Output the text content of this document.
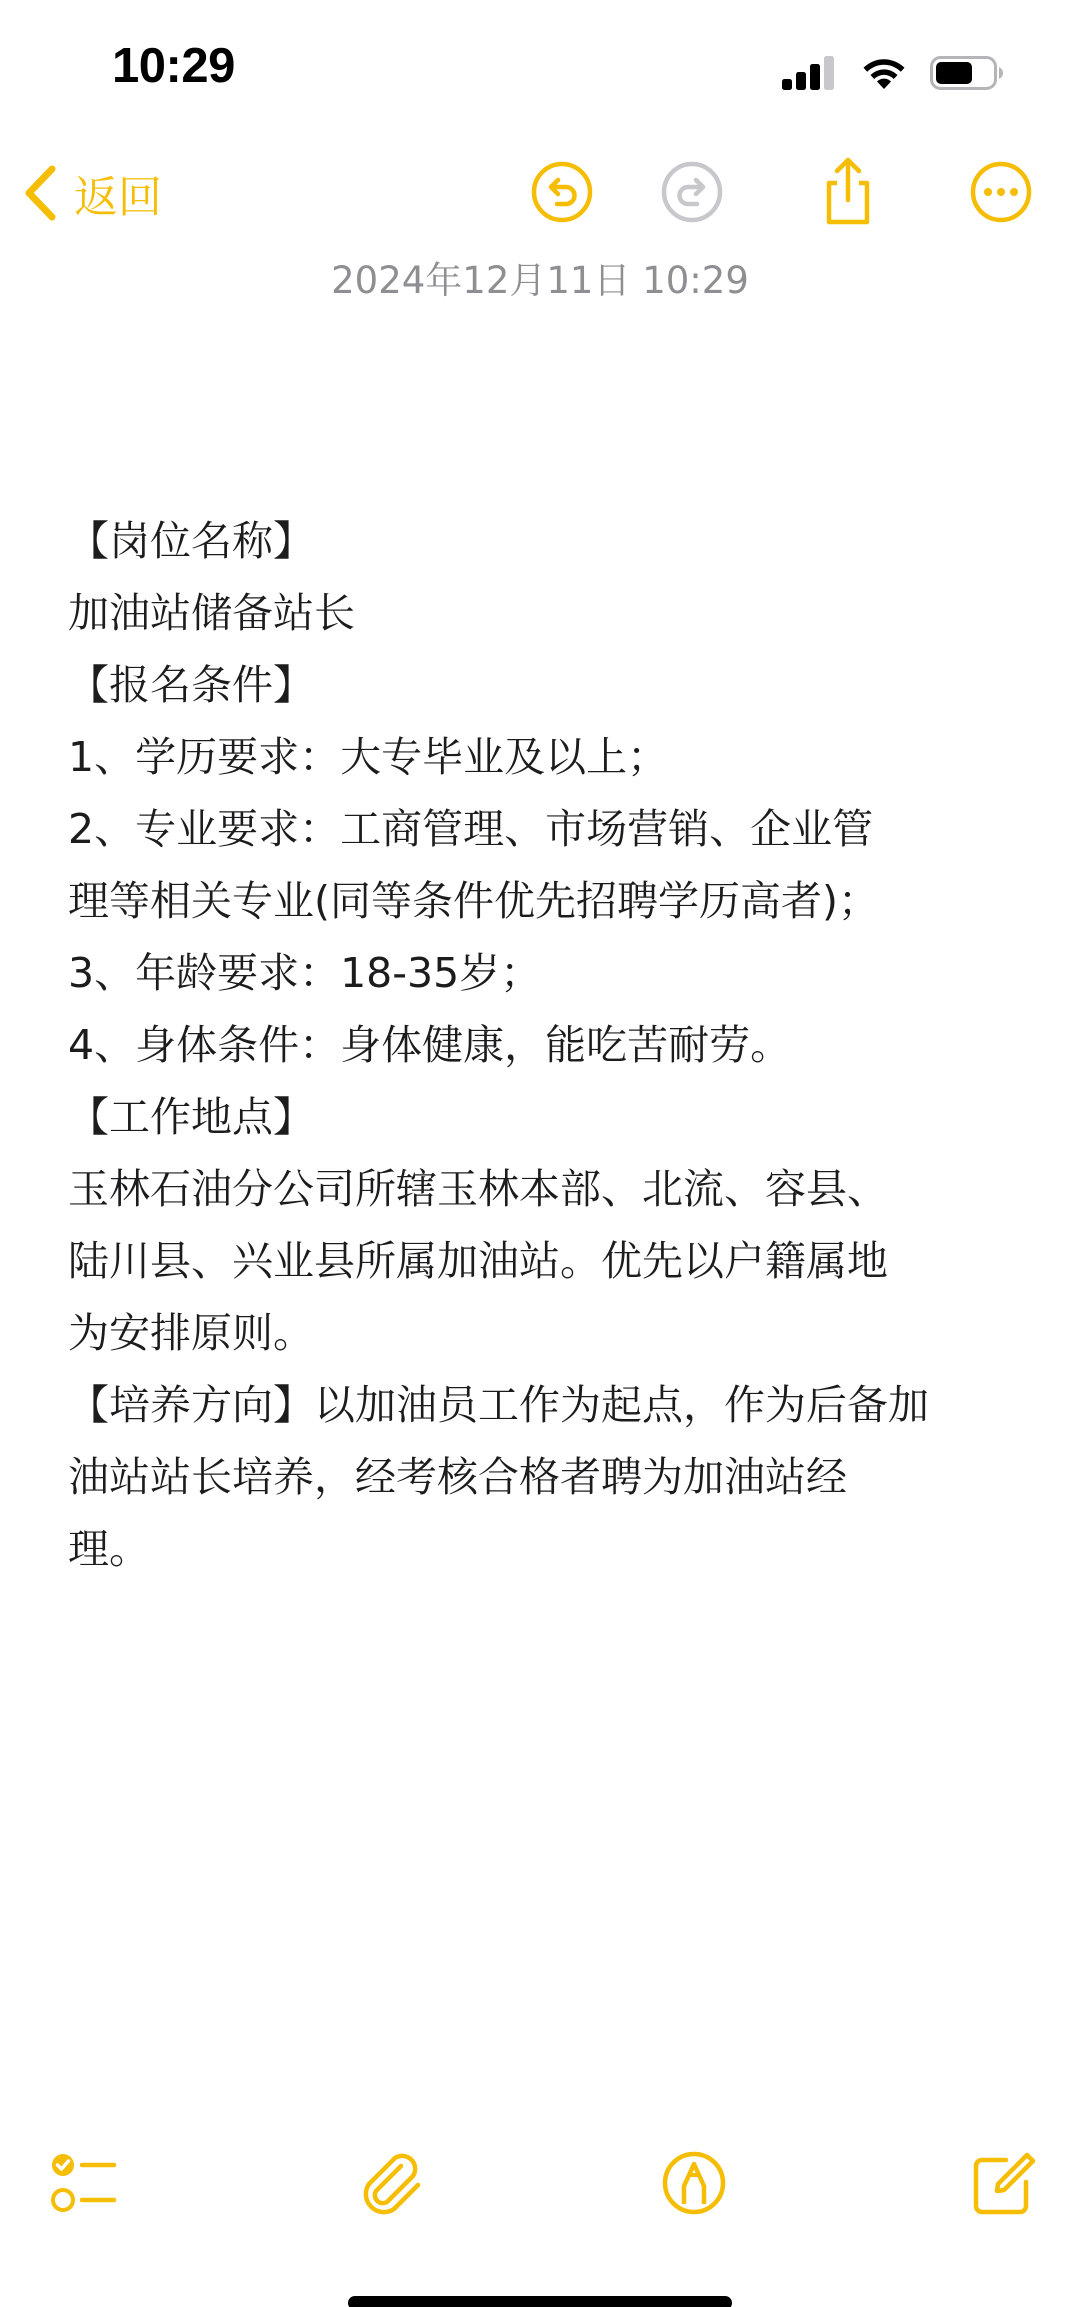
10:29
返回
2024年12月11日 10:29
【岗位名称】
加油站储备站长
【报名条件】
1、学历要求：大专毕业及以上；
2、专业要求：工商管理、市场营销、企业管
理等相关专业(同等条件优先招聘学历高者)；
3、年龄要求：18-35岁；
4、身体条件：身体健康，能吃苦耐劳。
【工作地点】
玉林石油分公司所辖玉林本部、北流、容县、
陆川县、兴业县所属加油站。优先以户籍属地
为安排原则。
【培养方向】以加油员工作为起点，作为后备加
油站站长培养，经考核合格者聘为加油站经
理。
